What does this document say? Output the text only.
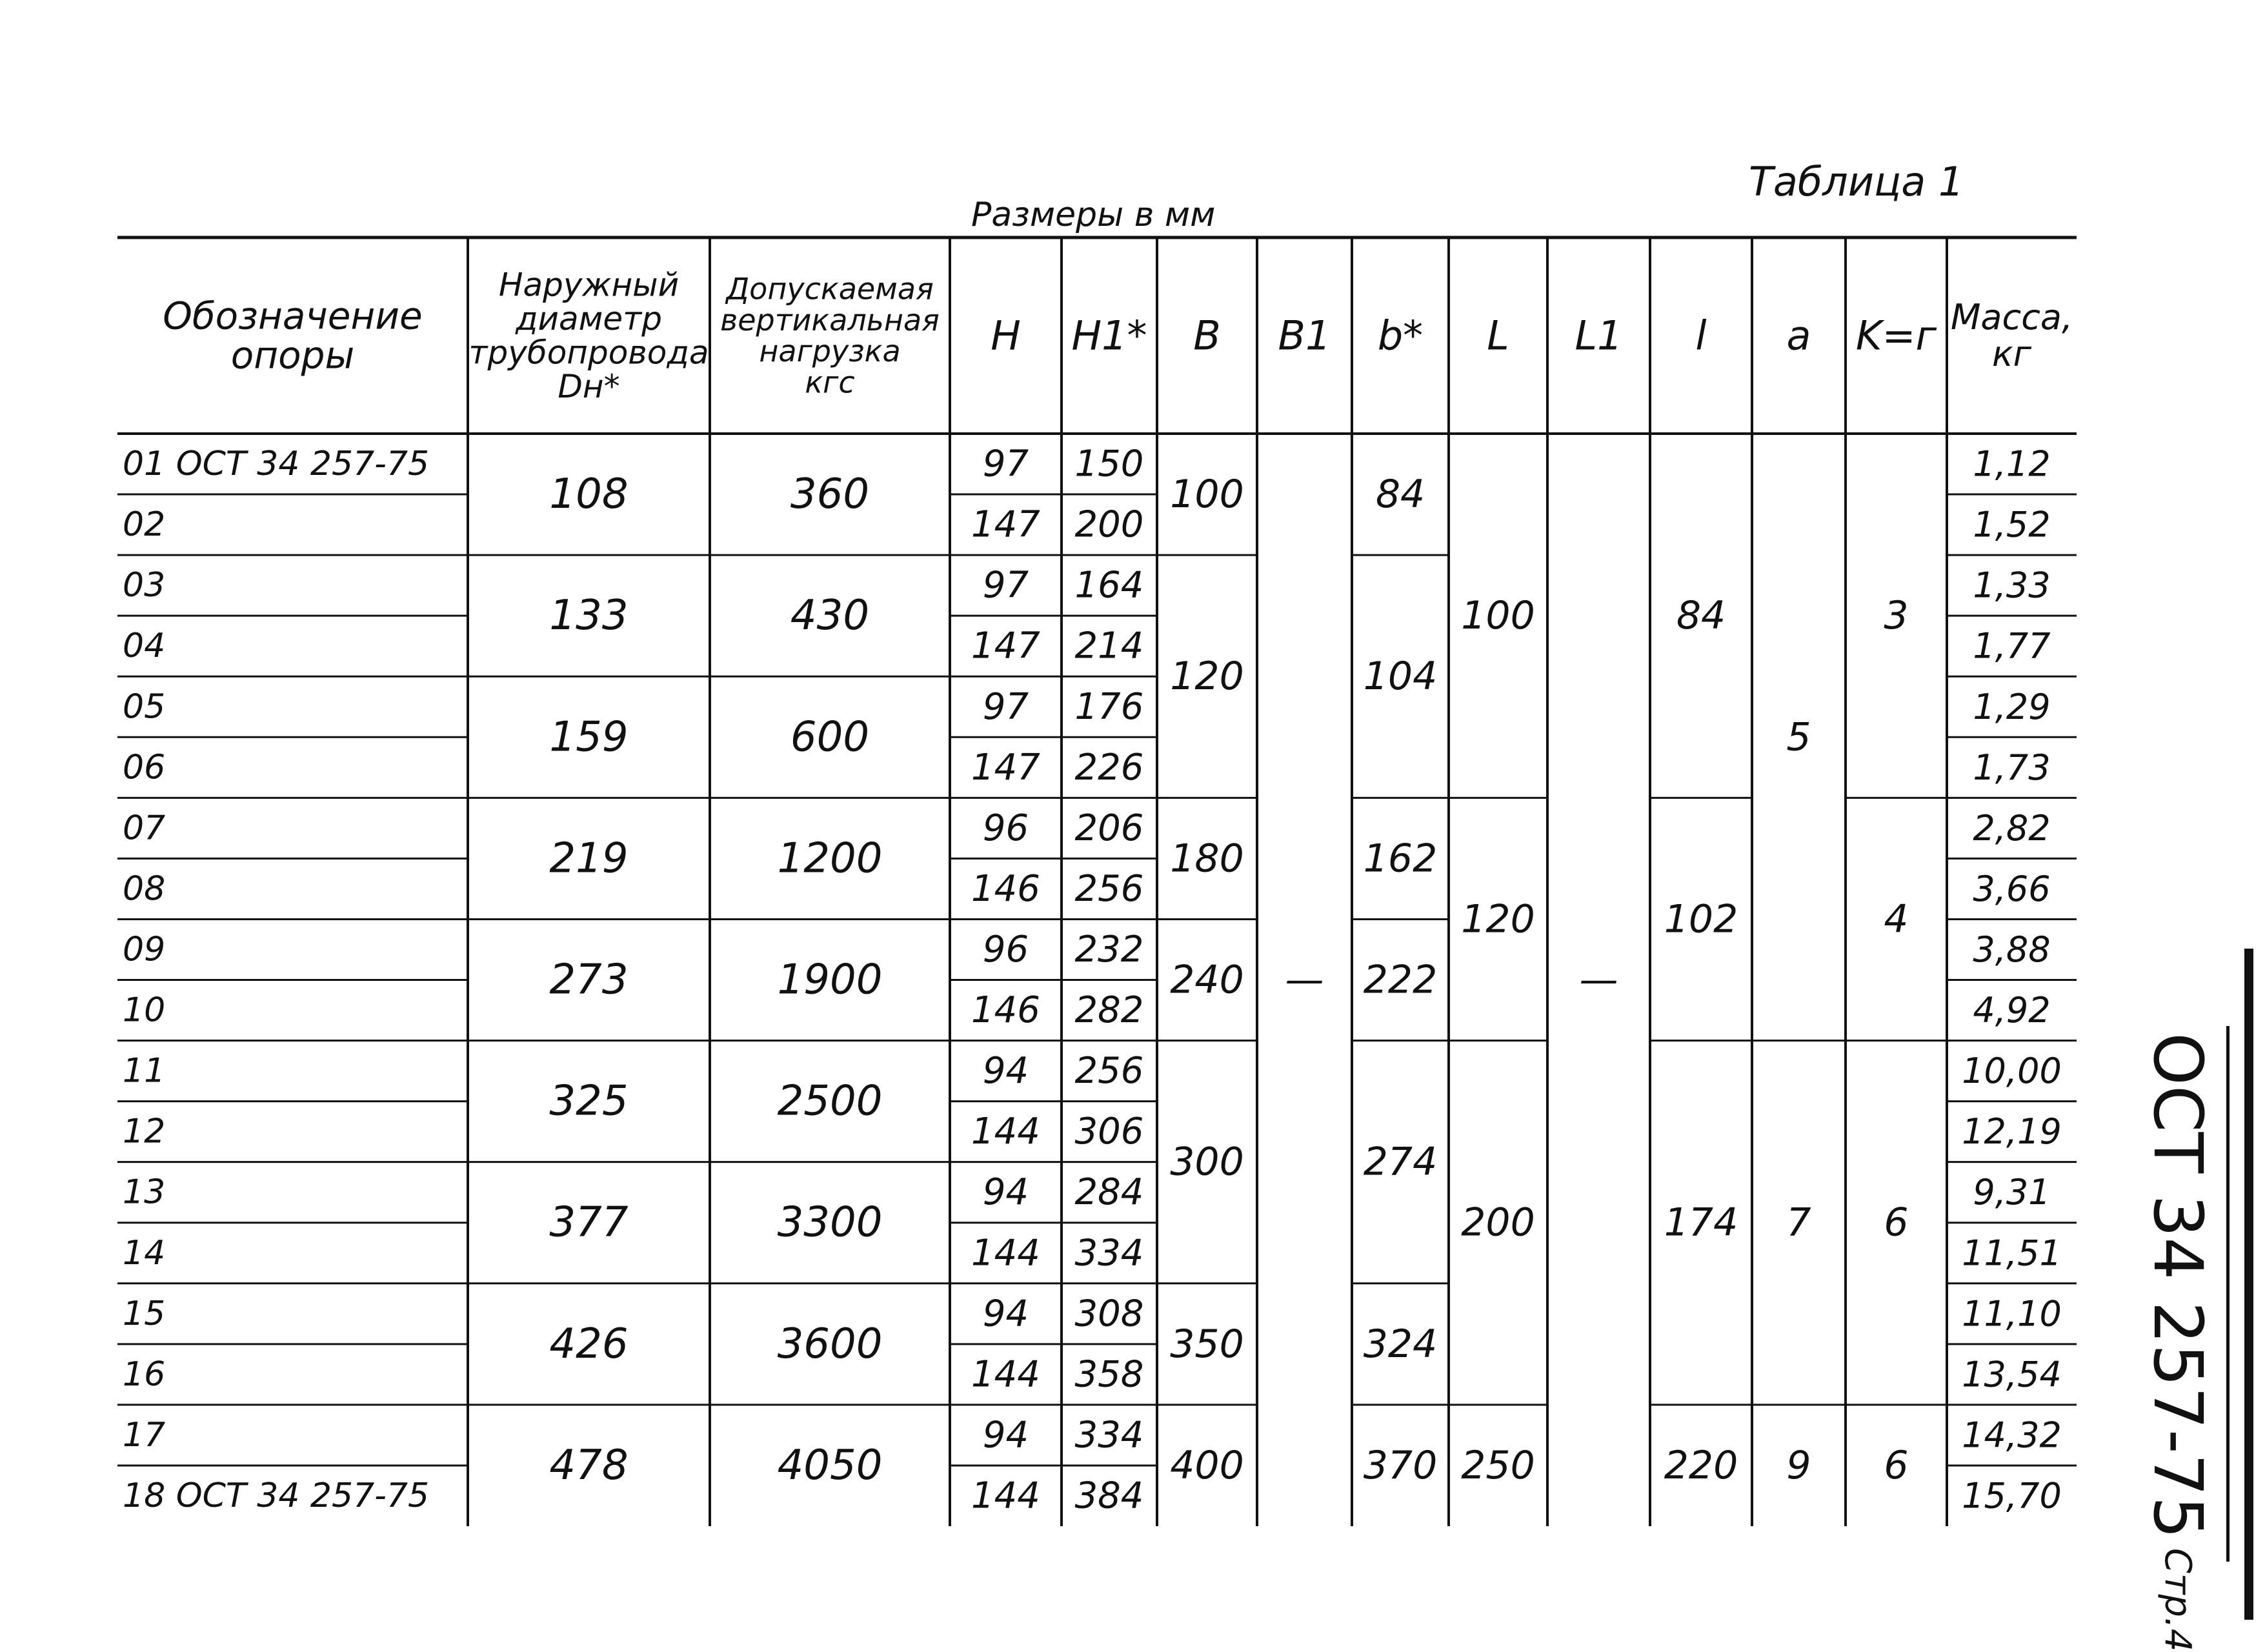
Таблица 1
Размеры в мм
Обозначение
опоры
Наружный
диаметр
трубопровода
Dн*
Допускаемая
вертикальная
нагрузка
кгс
Масса,
кг
H H1* B B1 b* L L1 l a K=г
108
133
159
219
273
325
377
426
478
360
430
600
1200
1900
2500
3300
3600
4050
100
120
180
240
300
350
400
—
84
104
162
222
274
324
370
100
120
200
250
—
84
102
174
220
5
7
9
3
4
6
6
01 ОСТ 34 257-75
02
03
04
05
06
07
08
09
10
11
12
13
14
15
16
17
18 ОСТ 34 257-75
97
147
97
147
97
147
96
146
96
146
94
144
94
144
94
144
94
144
150
200
164
214
176
226
206
256
232
282
256
306
284
334
308
358
334
384
1,12
1,52
1,33
1,77
1,29
1,73
2,82
3,66
3,88
4,92
10,00
12,19
9,31
11,51
11,10
13,54
14,32
15,70 ОСТ 34 257-75
Стр.4
